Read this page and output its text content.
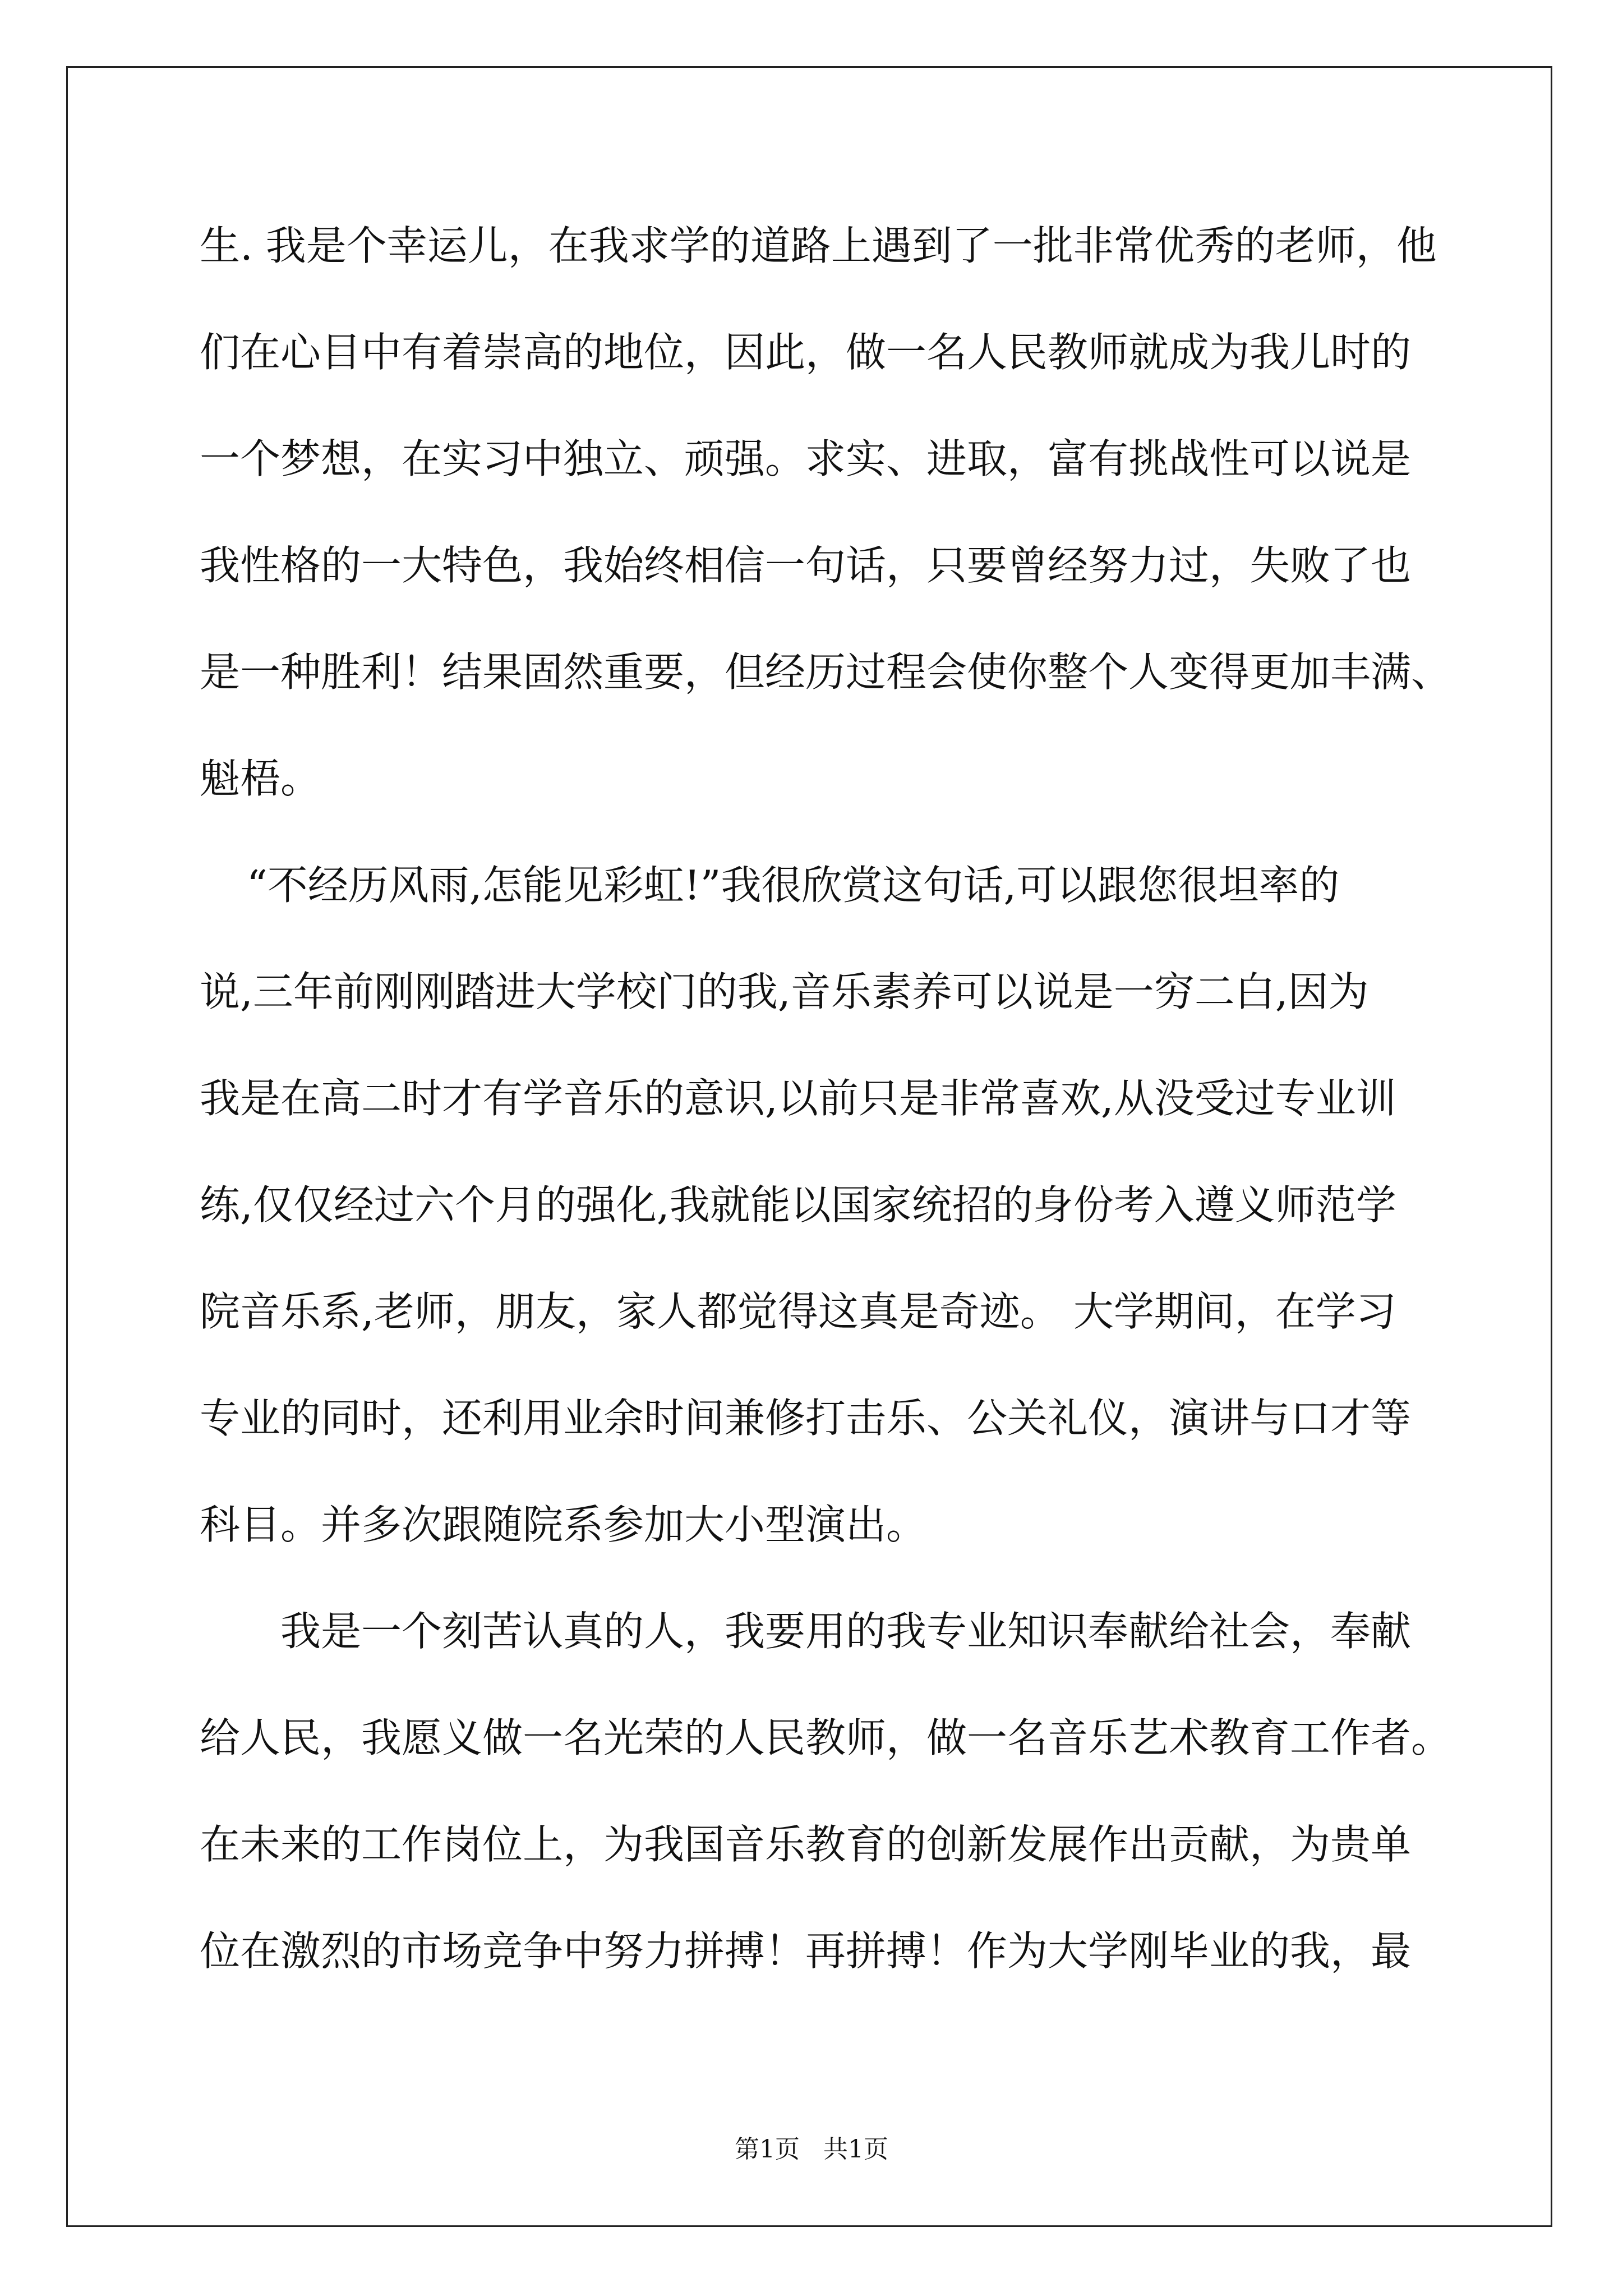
生. 我是个幸运儿，在我求学的道路上遇到了一批非常优秀的老师，他
们在心目中有着崇高的地位，因此，做一名人民教师就成为我儿时的
一个梦想，在实习中独立、顽强。求实、进取，富有挑战性可以说是
我性格的一大特色，我始终相信一句话，只要曾经努力过，失败了也
是一种胜利！结果固然重要，但经历过程会使你整个人变得更加丰满、
魁梧。
“不经历风雨,怎能见彩虹!”我很欣赏这句话,可以跟您很坦率的
说,三年前刚刚踏进大学校门的我,音乐素养可以说是一穷二白,因为
我是在高二时才有学音乐的意识,以前只是非常喜欢,从没受过专业训
练,仅仅经过六个月的强化,我就能以国家统招的身份考入遵义师范学
院音乐系,老师，朋友，家人都觉得这真是奇迹。 大学期间，在学习
专业的同时，还利用业余时间兼修打击乐、公关礼仪，演讲与口才等
科目。并多次跟随院系参加大小型演出。
我是一个刻苦认真的人，我要用的我专业知识奉献给社会，奉献
给人民，我愿义做一名光荣的人民教师，做一名音乐艺术教育工作者。
在未来的工作岗位上，为我国音乐教育的创新发展作出贡献，为贵单
位在激烈的市场竞争中努力拼搏！再拼搏！作为大学刚毕业的我，最
第1页   共1页
